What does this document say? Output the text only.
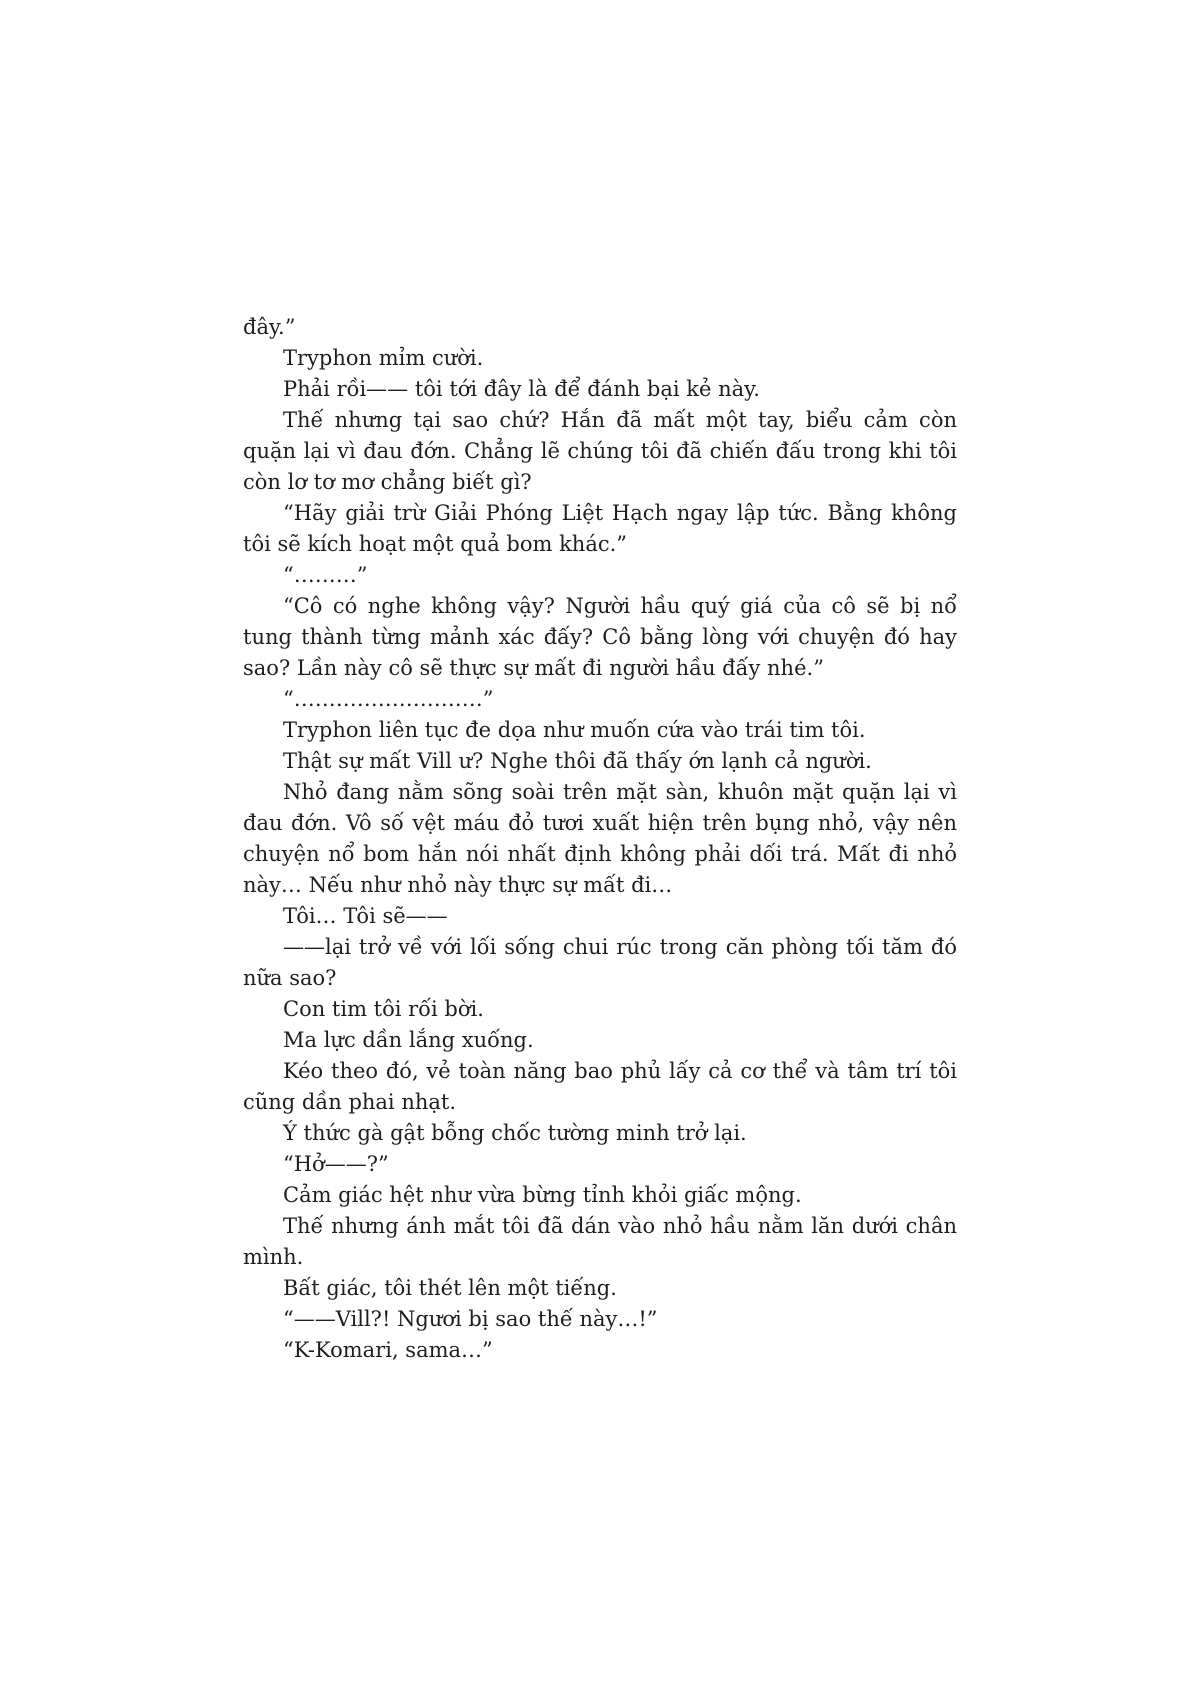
đây.”

Tryphon mỉm cười.

Phải rồi—— tôi tới đây là để đánh bại kẻ này.

Thế nhưng tại sao chứ? Hắn đã mất một tay, biểu cảm còn quặn lại vì đau đớn. Chẳng lẽ chúng tôi đã chiến đấu trong khi tôi còn lơ tơ mơ chẳng biết gì?

“Hãy giải trừ Giải Phóng Liệt Hạch ngay lập tức. Bằng không tôi sẽ kích hoạt một quả bom khác.”

“………”

“Cô có nghe không vậy? Người hầu quý giá của cô sẽ bị nổ tung thành từng mảnh xác đấy? Cô bằng lòng với chuyện đó hay sao? Lần này cô sẽ thực sự mất đi người hầu đấy nhé.”

“………………………”

Tryphon liên tục đe dọa như muốn cứa vào trái tim tôi.

Thật sự mất Vill ư? Nghe thôi đã thấy ớn lạnh cả người.

Nhỏ đang nằm sõng soài trên mặt sàn, khuôn mặt quặn lại vì đau đớn. Vô số vệt máu đỏ tươi xuất hiện trên bụng nhỏ, vậy nên chuyện nổ bom hắn nói nhất định không phải dối trá. Mất đi nhỏ này… Nếu như nhỏ này thực sự mất đi…

Tôi… Tôi sẽ——

——lại trở về với lối sống chui rúc trong căn phòng tối tăm đó nữa sao?

Con tim tôi rối bời.

Ma lực dần lắng xuống.

Kéo theo đó, vẻ toàn năng bao phủ lấy cả cơ thể và tâm trí tôi cũng dần phai nhạt.

Ý thức gà gật bỗng chốc tường minh trở lại.

“Hở——?”

Cảm giác hệt như vừa bừng tỉnh khỏi giấc mộng.

Thế nhưng ánh mắt tôi đã dán vào nhỏ hầu nằm lăn dưới chân mình.

Bất giác, tôi thét lên một tiếng.

“——Vill?! Ngươi bị sao thế này…!”

“K-Komari, sama…”
